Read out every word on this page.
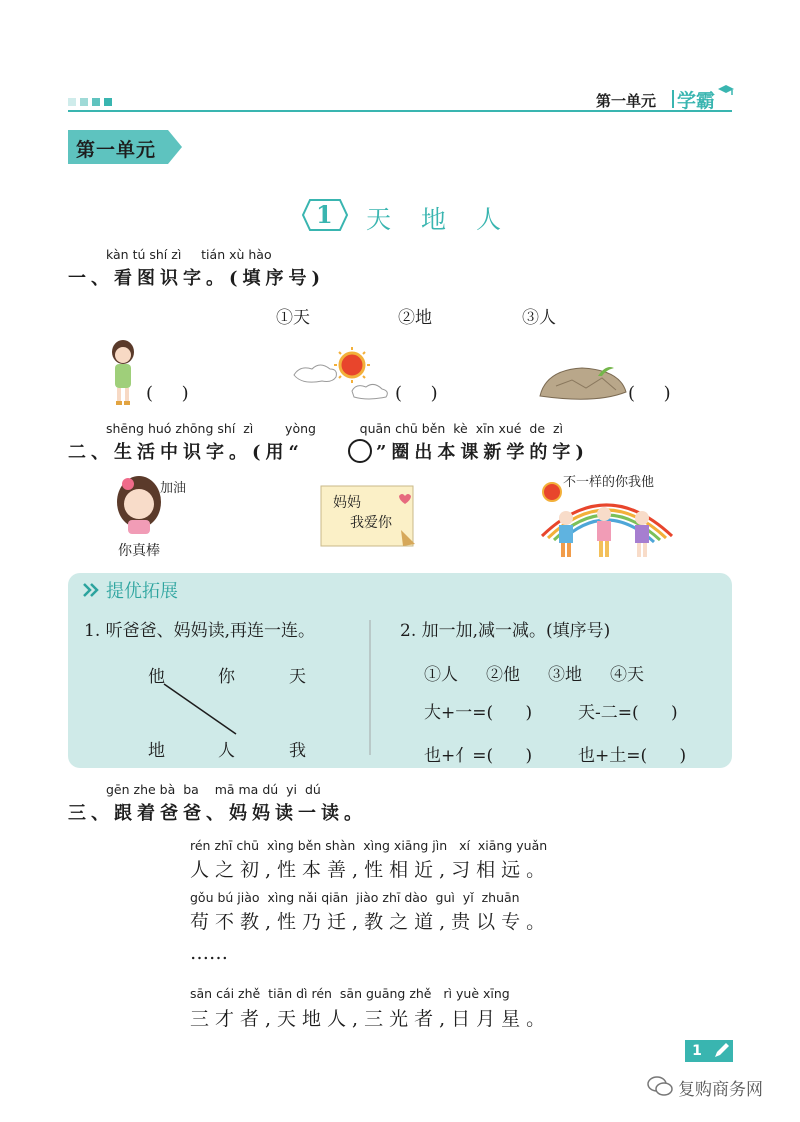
第一单元 学霸
第一单元
1 天地人
kàn tú shí zì     tián xù hào
一、看图识字。(填序号)
①天	②地	③人
(     )	(     )	(     )
shēng huó zhōng shí  zì        yòng           quān chū běn  kè  xīn xué  de  zì
二、生活中识字。(用“	”圈出本课新学的字)
加油
你真棒
妈妈
我爱你
不一样的你我他
提优拓展
1. 听爸爸、妈妈读,再连一连。
他	你	天
地	人	我
2. 加一加,减一减。(填序号)
①人 ②他 ③地 ④天
大+一=(      )	天-二=(      )
也+亻=(      )	也+土=(      )
gēn zhe bà  ba    mā ma dú  yi  dú
三、跟着爸爸、妈妈读一读。
rén zhī chū  xìng běn shàn  xìng xiāng jìn   xí  xiāng yuǎn
人之初,性本善,性相近,习相远。
gǒu bú jiào  xìng nǎi qiān  jiào zhī dào  guì  yǐ  zhuān
苟不教,性乃迁,教之道,贵以专。
……
sān cái zhě  tiān dì rén  sān guāng zhě   rì yuè xīng
三才者,天地人,三光者,日月星。
1
复购商务网
